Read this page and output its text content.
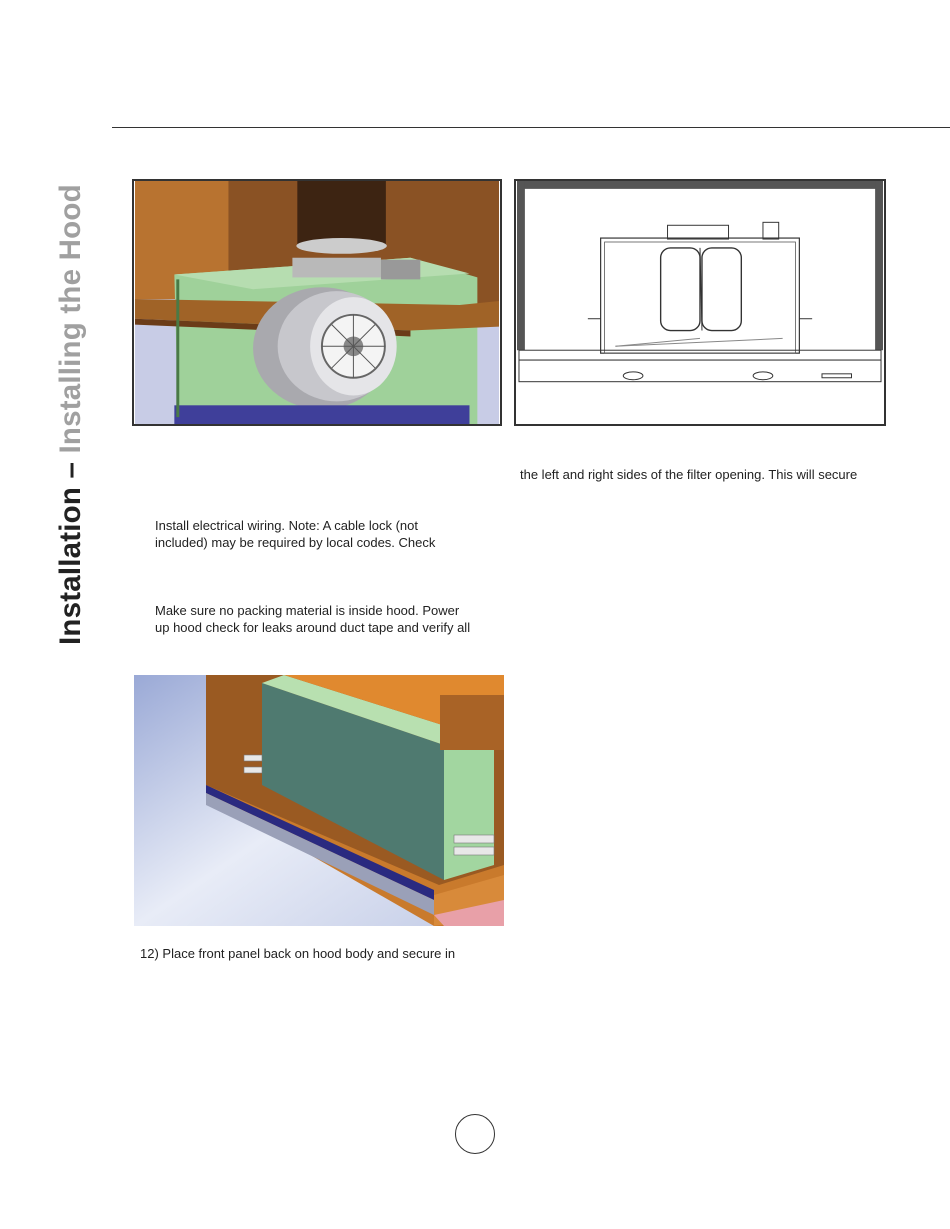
Installation – Installing the Hood
the left and right sides of the filter opening. This will secure
Install electrical wiring. Note: A cable lock (not
included) may be required by local codes. Check
Make sure no packing material is inside hood. Power
up hood check for leaks around duct tape and verify all
12) Place front panel back on hood body and secure in
